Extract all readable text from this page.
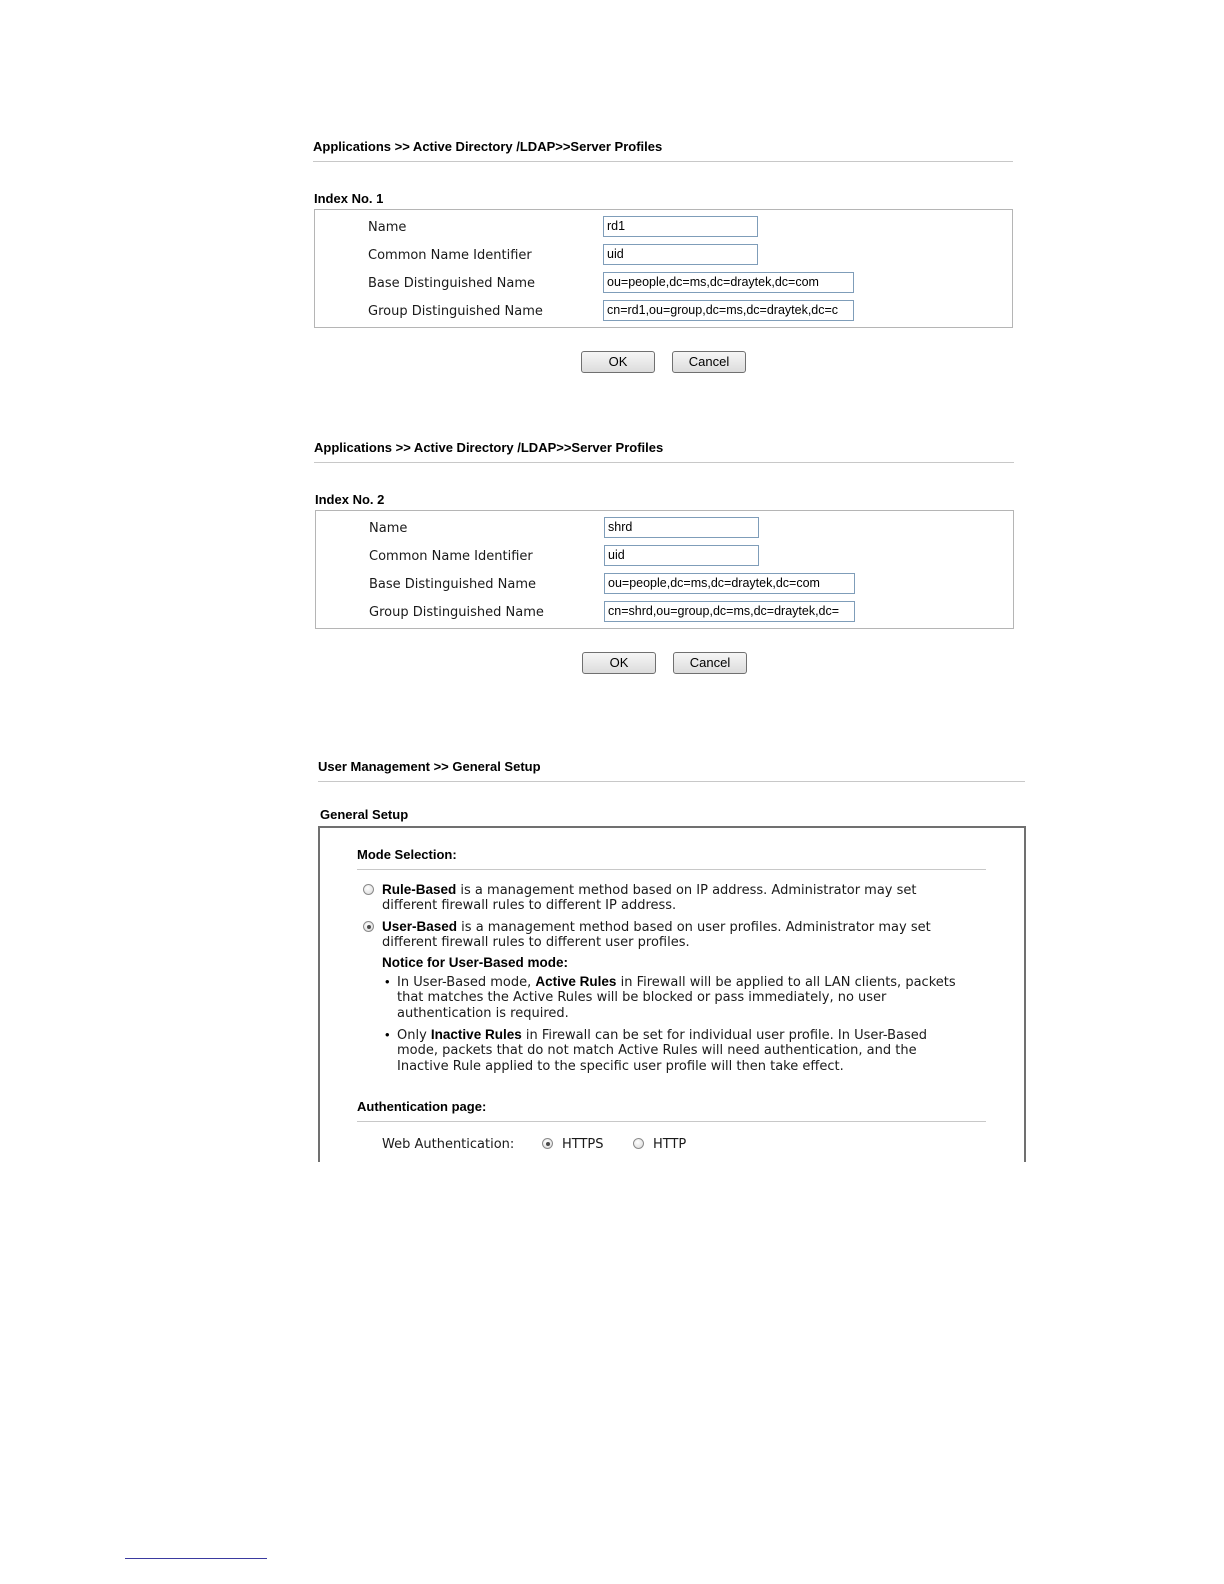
Applications >> Active Directory /LDAP>>Server Profiles
Index No. 1
Name	rd1
Common Name Identifier	uid
Base Distinguished Name	ou=people,dc=ms,dc=draytek,dc=com
Group Distinguished Name	cn=rd1,ou=group,dc=ms,dc=draytek,dc=c
OK	Cancel
Applications >> Active Directory /LDAP>>Server Profiles
Index No. 2
Name	shrd
Common Name Identifier	uid
Base Distinguished Name	ou=people,dc=ms,dc=draytek,dc=com
Group Distinguished Name	cn=shrd,ou=group,dc=ms,dc=draytek,dc=
OK	Cancel
User Management >> General Setup
General Setup
Mode Selection:
Rule-Based is a management method based on IP address. Administrator may set
different firewall rules to different IP address.
User-Based is a management method based on user profiles. Administrator may set
different firewall rules to different user profiles.
Notice for User-Based mode:
• In User-Based mode, Active Rules in Firewall will be applied to all LAN clients, packets
that matches the Active Rules will be blocked or pass immediately, no user
authentication is required.
• Only Inactive Rules in Firewall can be set for individual user profile. In User-Based
mode, packets that do not match Active Rules will need authentication, and the
Inactive Rule applied to the specific user profile will then take effect.
Authentication page:
Web Authentication:	HTTPS	HTTP
